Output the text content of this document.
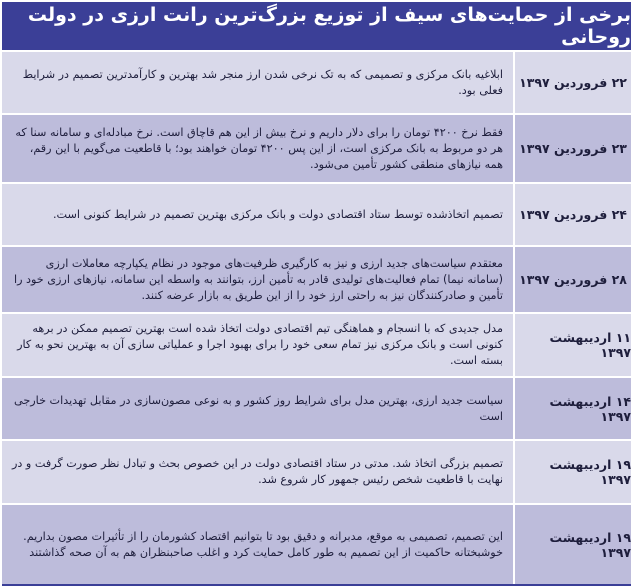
برخی از حمایت‌های سیف از توزیع بزرگ‌ترین رانت ارزی در دولت روحانی
۲۲ فروردین ۱۳۹۷
ابلاغیه بانک مرکزی و تصمیمی که به تک نرخی شدن ارز منجر شد بهترین و کارآمدترین تصمیم در شرایط فعلی بود.
۲۳ فروردین ۱۳۹۷
فقط نرخ ۴۲۰۰ تومان را برای دلار داریم و نرخ بیش از این هم قاچاق است. نرخ مبادله‌ای و سامانه سنا که هر دو مربوط به بانک مرکزی است، از این پس ۴۲۰۰ تومان خواهند بود؛ با قاطعیت می‌گویم با این رقم، همه نیازهای منطقی کشور تأمین می‌شود.
۲۴ فروردین ۱۳۹۷
تصمیم اتخاذشده توسط ستاد اقتصادی دولت و بانک مرکزی بهترین تصمیم در شرایط کنونی است.
۲۸ فروردین ۱۳۹۷
معتقدم سیاست‌های جدید ارزی و نیز به کارگیری ظرفیت‌های موجود در نظام یکپارچه معاملات ارزی (سامانه نیما) تمام فعالیت‌های تولیدی قادر به تأمین ارز، بتوانند به واسطه این سامانه، نیازهای ارزی خود را تأمین و صادرکنندگان نیز به راحتی ارز خود را از این طریق به بازار عرضه کنند.
۱۱ اردیبهشت ۱۳۹۷
مدل جدیدی که با انسجام و هماهنگی تیم اقتصادی دولت اتخاذ شده است بهترین تصمیم ممکن در برهه کنونی است و بانک مرکزی نیز تمام سعی خود را برای بهبود اجرا و عملیاتی سازی آن به بهترین نحو به کار بسته است.
۱۴ اردیبهشت ۱۳۹۷
سیاست جدید ارزی، بهترین مدل برای شرایط روز کشور و به نوعی مصون‌سازی در مقابل تهدیدات خارجی است
۱۹ اردیبهشت ۱۳۹۷
تصمیم بزرگی اتخاذ شد. مدتی در ستاد اقتصادی دولت در این خصوص بحث و تبادل نظر صورت گرفت و در نهایت با قاطعیت شخص رئیس جمهور کار شروع شد.
۱۹ اردیبهشت ۱۳۹۷
این تصمیم، تصمیمی به موقع، مدبرانه و دقیق بود تا بتوانیم اقتصاد کشورمان را از تأثیرات مصون بداریم. خوشبختانه حاکمیت از این تصمیم به طور کامل حمایت کرد و اغلب صاحبنظران هم به آن صحه گذاشتند
